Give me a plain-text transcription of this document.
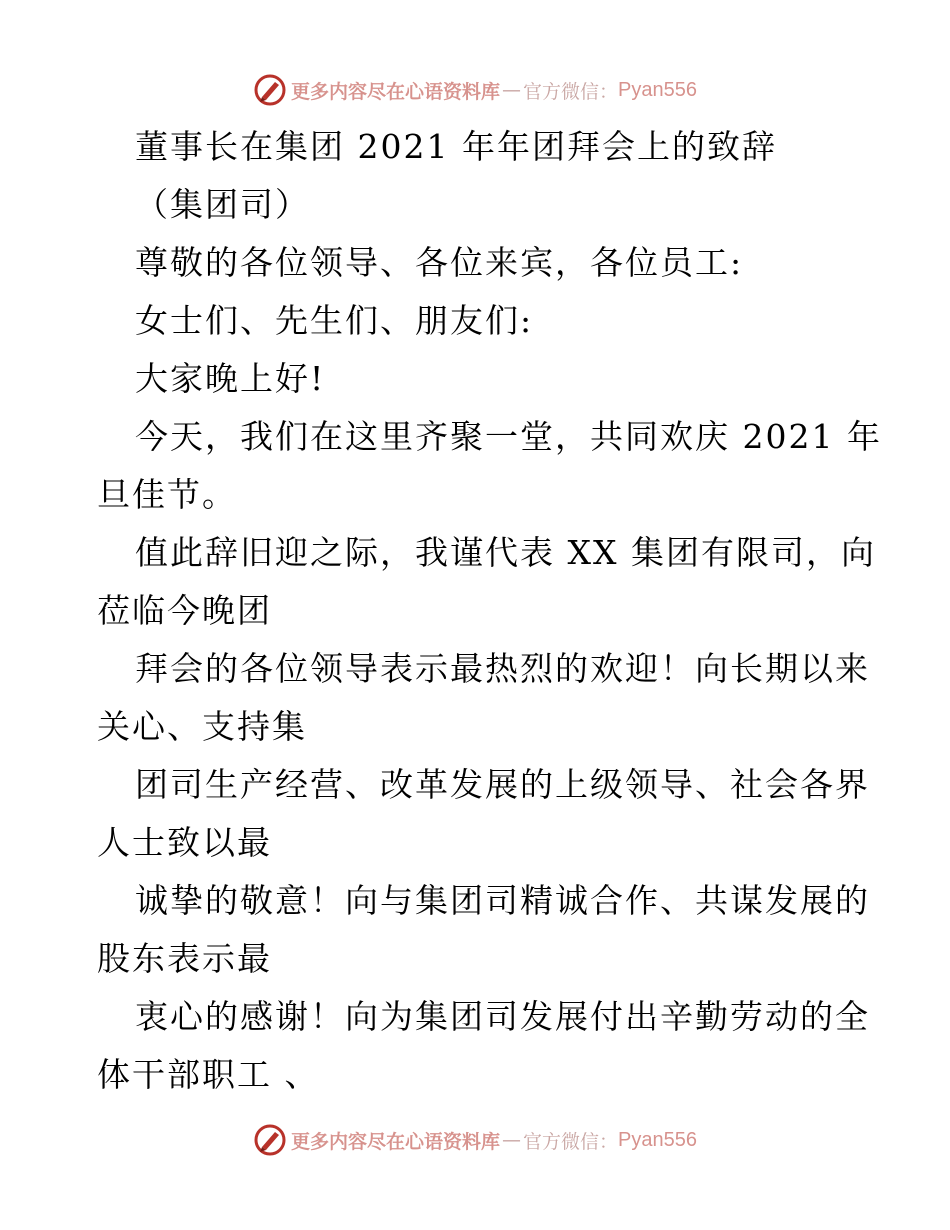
更多内容尽在心语资料库 — 官方微信： Pyan556
董事长在集团 2021 年年团拜会上的致辞
（集团司）
尊敬的各位领导、各位来宾，各位员工:
女士们、先生们、朋友们:
大家晚上好!
今天，我们在这里齐聚一堂，共同欢庆 2021 年
旦佳节。
值此辞旧迎之际，我谨代表 XX 集团有限司，向
莅临今晚团
拜会的各位领导表示最热烈的欢迎！向长期以来
关心、支持集
团司生产经营、改革发展的上级领导、社会各界
人士致以最
诚挚的敬意！向与集团司精诚合作、共谋发展的
股东表示最
衷心的感谢！向为集团司发展付出辛勤劳动的全
体干部职工 、
更多内容尽在心语资料库 — 官方微信： Pyan556
